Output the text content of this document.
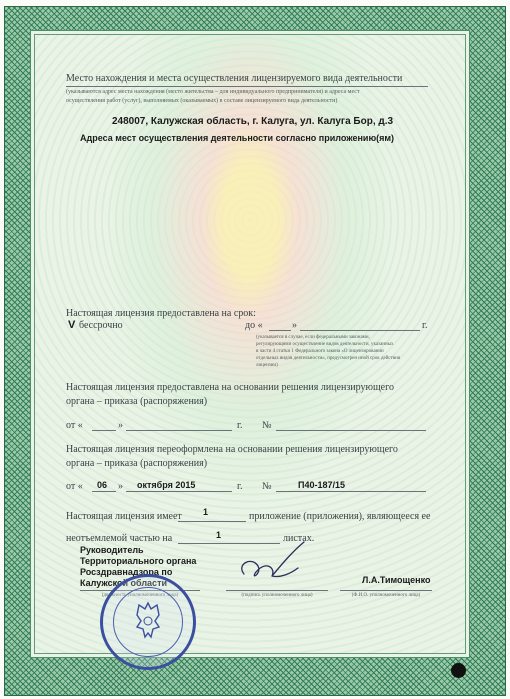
Место нахождения и места осуществления лицензируемого вида деятельности
(указываются адрес места нахождения (место жительства – для индивидуального предпринимателя) и адреса мест
осуществления работ (услуг), выполняемых (оказываемых) в составе лицензируемого вида деятельности)
248007, Калужская область, г. Калуга, ул. Калуга Бор, д.3
Адреса мест осуществления деятельности согласно приложению(ям)
Настоящая лицензия предоставлена на срок:
V бессрочно	до «	»	г.
(указывается в случае, если федеральными законами,
регулирующими осуществление видов деятельности, указанных
в части 4 статьи 1 Федерального закона «О лицензировании
отдельных видов деятельности», предусмотрен иной срок действия
лицензии)
Настоящая лицензия предоставлена на основании решения лицензирующего
органа – приказа (распоряжения)
от «	»	г. №
Настоящая лицензия переоформлена на основании решения лицензирующего
органа – приказа (распоряжения)
от « 06 » октября 2015	г. №	П40-187/15
Настоящая лицензия имеет 1	приложение (приложения), являющееся ее
неотъемлемой частью на	1	листах.
Руководитель
Территориального органа
Росздравнадзора по
Калужской области
(должность уполномоченного лица)	(подпись уполномоченного лица)
Л.А.Тимощенко
(Ф.И.О. уполномоченного лица)
